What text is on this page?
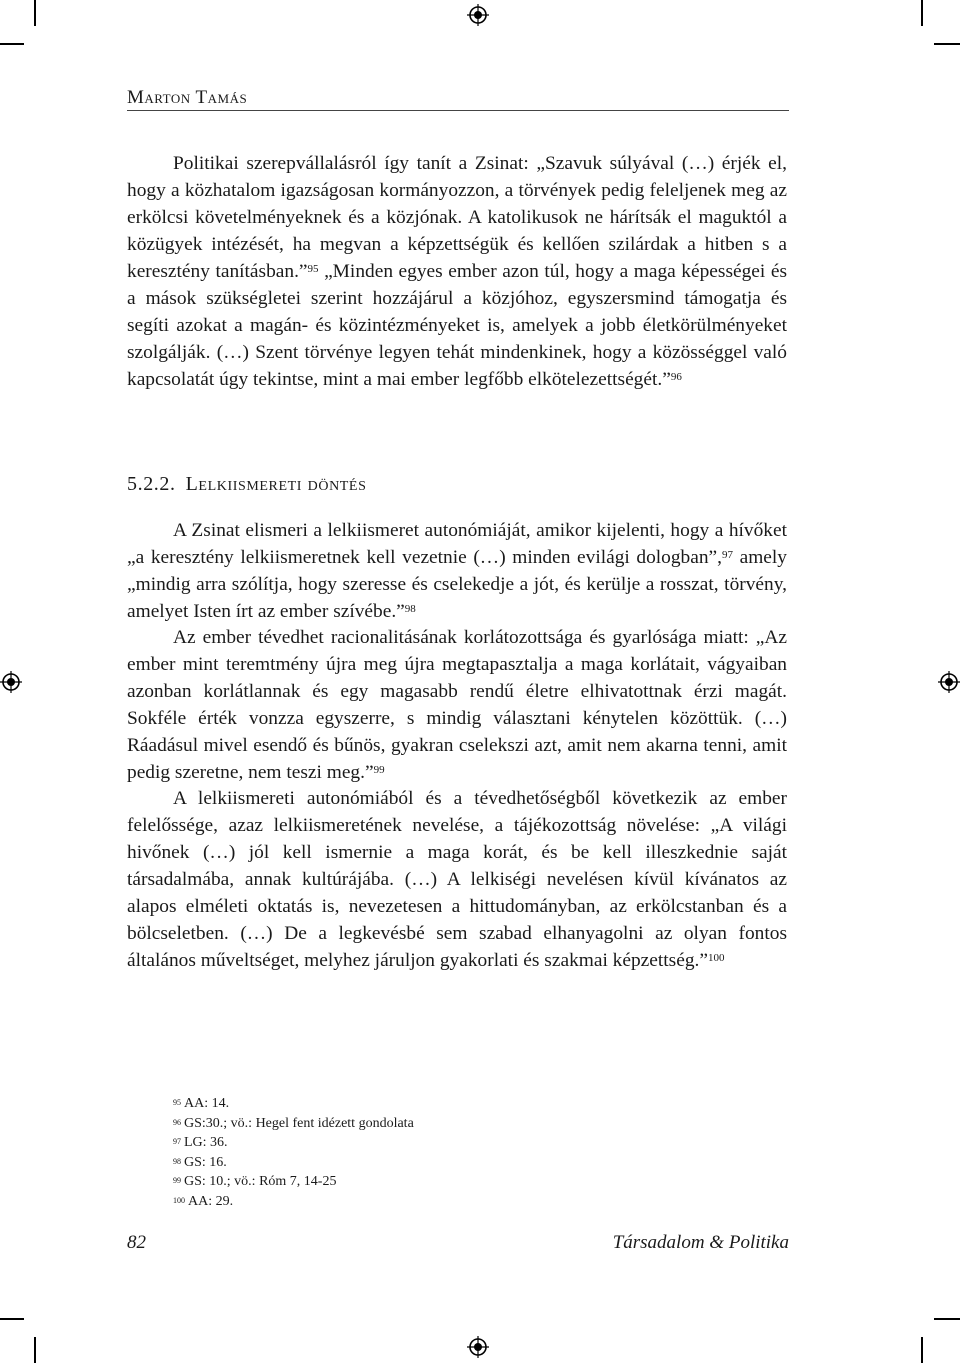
Marton Tamás

Politikai szerepvállalásról így tanít a Zsinat: „Szavuk súlyával (…) érjék el, hogy a közhatalom igazságosan kormányozzon, a törvények pedig feleljenek meg az erkölcsi követelményeknek és a közjónak. A katolikusok ne hárítsák el maguktól a közügyek intézését, ha megvan a képzettségük és kellően szilárdak a hitben s a keresztény tanításban.”$^{95}$ „Minden egyes ember azon túl, hogy a maga képességei és a mások szükségletei szerint hozzájárul a közjóhoz, egyszersmind támogatja és segíti azokat a magán- és közintézményeket is, amelyek a jobb életkörülményeket szolgálják. (…) Szent törvénye legyen tehát mindenkinek, hogy a közösséggel való kapcsolatát úgy tekintse, mint a mai ember legfőbb elkötelezettségét.”$^{96}$

5.2.2. Lelkiismereti döntés

A Zsinat elismeri a lelkiismeret autonómiáját, amikor kijelenti, hogy a hívőket „a keresztény lelkiismeretnek kell vezetnie (…) minden evilági dologban”,$^{97}$ amely „mindig arra szólítja, hogy szeresse és cselekedje a jót, és kerülje a rosszat, törvény, amelyet Isten írt az ember szívébe.”$^{98}$

Az ember tévedhet racionalitásának korlátozottsága és gyarlósága miatt: „Az ember mint teremtmény újra meg újra megtapasztalja a maga korlátait, vágyaiban azonban korlátlannak és egy magasabb rendű életre elhivatottnak érzi magát. Sokféle érték vonzza egyszerre, s mindig választani kénytelen közöttük. (…) Ráadásul mivel esendő és bűnös, gyakran cselekszi azt, amit nem akarna tenni, amit pedig szeretne, nem teszi meg.”$^{99}$

A lelkiismereti autonómiából és a tévedhetőségből következik az ember felelőssége, azaz lelkiismeretének nevelése, a tájékozottság növelése: „A világi hivőnek (…) jól kell ismernie a maga korát, és be kell illeszkednie saját társadalmába, annak kultúrájába. (…) A lelkiségi nevelésen kívül kívánatos az alapos elméleti oktatás is, nevezetesen a hittudományban, az erkölcstanban és a bölcseletben. (…) De a legkevésbé sem szabad elhanyagolni az olyan fontos általános műveltséget, melyhez járuljon gyakorlati és szakmai képzettség.”$^{100}$

$^{95}$ AA: 14.
$^{96}$ GS:30.; vö.: Hegel fent idézett gondolata
$^{97}$ LG: 36.
$^{98}$ GS: 16.
$^{99}$ GS: 10.; vö.: Róm 7, 14-25
$^{100}$ AA: 29.
82	Társadalom & Politika
